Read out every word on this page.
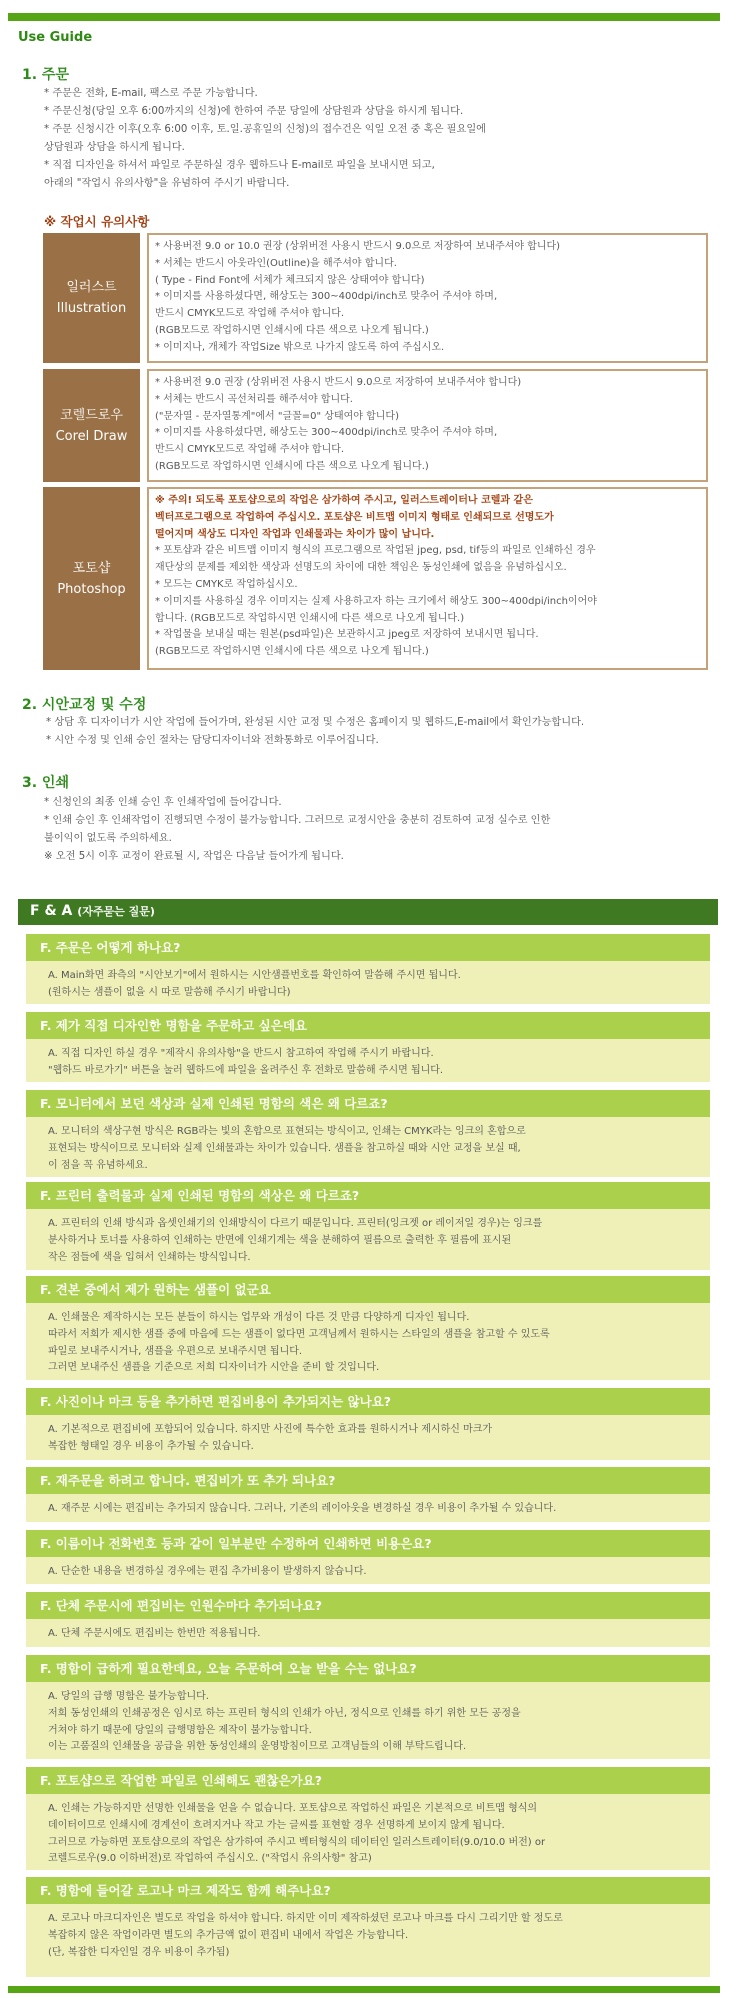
Use Guide
1. 주문
* 주문은 전화, E-mail, 팩스로 주문 가능합니다.
* 주문신청(당일 오후 6:00까지의 신청)에 한하여 주문 당일에 상담원과 상담을 하시게 됩니다.
* 주문 신청시간 이후(오후 6:00 이후, 토.일.공휴일의 신청)의 접수건은 익일 오전 중 혹은 필요일에
상담원과 상담을 하시게 됩니다.
* 직접 디자인을 하셔서 파일로 주문하실 경우 웹하드나 E-mail로 파일을 보내시면 되고,
아래의 "작업시 유의사항"을 유념하여 주시기 바랍니다.
※ 작업시 유의사항
일러스트
Illustration
* 사용버전 9.0 or 10.0 권장 (상위버전 사용시 반드시 9.0으로 저장하여 보내주셔야 합니다)
* 서체는 반드시 아웃라인(Outline)을 해주셔야 합니다.
( Type - Find Font에 서체가 체크되지 않은 상태여야 합니다)
* 이미지를 사용하셨다면, 해상도는 300~400dpi/inch로 맞추어 주셔야 하며,
반드시 CMYK모드로 작업해 주셔야 합니다.
(RGB모드로 작업하시면 인쇄시에 다른 색으로 나오게 됩니다.)
* 이미지나, 개체가 작업Size 밖으로 나가지 않도록 하여 주십시오.
코렐드로우
Corel Draw
* 사용버전 9.0 권장 (상위버전 사용시 반드시 9.0으로 저장하여 보내주셔야 합니다)
* 서체는 반드시 곡선처리를 해주셔야 합니다.
("문자열 - 문자열통계"에서 "글꼴=0" 상태여야 합니다)
* 이미지를 사용하셨다면, 해상도는 300~400dpi/inch로 맞추어 주셔야 하며,
반드시 CMYK모드로 작업해 주셔야 합니다.
(RGB모드로 작업하시면 인쇄시에 다른 색으로 나오게 됩니다.)
포토샵
Photoshop
※ 주의! 되도록 포토샵으로의 작업은 삼가하여 주시고, 일러스트레이터나 코렐과 같은
벡터프로그램으로 작업하여 주십시오. 포토샵은 비트맵 이미지 형태로 인쇄되므로 선명도가
떨어지며 색상도 디자인 작업과 인쇄물과는 차이가 많이 납니다.
* 포토샵과 같은 비트맵 이미지 형식의 프로그램으로 작업된 jpeg, psd, tif등의 파일로 인쇄하신 경우
재단상의 문제를 제외한 색상과 선명도의 차이에 대한 책임은 동성인쇄에 없음을 유념하십시오.
* 모드는 CMYK로 작업하십시오.
* 이미지를 사용하실 경우 이미지는 실제 사용하고자 하는 크기에서 해상도 300~400dpi/inch이어야
합니다. (RGB모드로 작업하시면 인쇄시에 다른 색으로 나오게 됩니다.)
* 작업물을 보내실 때는 원본(psd파일)은 보관하시고 jpeg로 저장하여 보내시면 됩니다.
(RGB모드로 작업하시면 인쇄시에 다른 색으로 나오게 됩니다.)
2. 시안교정 및 수정
* 상담 후 디자이너가 시안 작업에 들어가며, 완성된 시안 교정 및 수정은 홈페이지 및 웹하드,E-mail에서 확인가능합니다.
* 시안 수정 및 인쇄 승인 절차는 담당디자이너와 전화통화로 이루어집니다.
3. 인쇄
* 신청인의 최종 인쇄 승인 후 인쇄작업에 들어갑니다.
* 인쇄 승인 후 인쇄작업이 진행되면 수정이 불가능합니다. 그러므로 교정시안을 충분히 검토하여 교정 실수로 인한
불이익이 없도록 주의하세요.
※ 오전 5시 이후 교정이 완료될 시, 작업은 다음날 들어가게 됩니다.
F & A (자주묻는 질문)
F. 주문은 어떻게 하나요?
A. Main화면 좌측의 "시안보기"에서 원하시는 시안샘플번호를 확인하여 말씀해 주시면 됩니다.
(원하시는 샘플이 없을 시 따로 말씀해 주시기 바랍니다)
F. 제가 직접 디자인한 명함을 주문하고 싶은데요
A. 직접 디자인 하실 경우 "제작시 유의사항"을 반드시 참고하여 작업해 주시기 바랍니다.
"웹하드 바로가기" 버튼을 눌러 웹하드에 파일을 올려주신 후 전화로 말씀해 주시면 됩니다.
F. 모니터에서 보던 색상과 실제 인쇄된 명함의 색은 왜 다르죠?
A. 모니터의 색상구현 방식은 RGB라는 빛의 혼합으로 표현되는 방식이고, 인쇄는 CMYK라는 잉크의 혼합으로
표현되는 방식이므로 모니터와 실제 인쇄물과는 차이가 있습니다. 샘플을 참고하실 때와 시안 교정을 보실 때,
이 점을 꼭 유념하세요.
F. 프린터 출력물과 실제 인쇄된 명함의 색상은 왜 다르죠?
A. 프린터의 인쇄 방식과 옵셋인쇄기의 인쇄방식이 다르기 때문입니다. 프린터(잉크젯 or 레이저일 경우)는 잉크를
분사하거나 토너를 사용하여 인쇄하는 반면에 인쇄기계는 색을 분해하여 필름으로 출력한 후 필름에 표시된
작은 점들에 색을 입혀서 인쇄하는 방식입니다.
F. 견본 중에서 제가 원하는 샘플이 없군요
A. 인쇄물은 제작하시는 모든 분들이 하시는 업무와 개성이 다른 것 만큼 다양하게 디자인 됩니다.
따라서 저희가 제시한 샘플 중에 마음에 드는 샘플이 없다면 고객님께서 원하시는 스타일의 샘플을 참고할 수 있도록
파일로 보내주시거나, 샘플을 우편으로 보내주시면 됩니다.
그러면 보내주신 샘플을 기준으로 저희 디자이너가 시안을 준비 할 것입니다.
F. 사진이나 마크 등을 추가하면 편집비용이 추가되지는 않나요?
A. 기본적으로 편집비에 포함되어 있습니다. 하지만 사진에 특수한 효과를 원하시거나 제시하신 마크가
복잡한 형태일 경우 비용이 추가될 수 있습니다.
F. 재주문을 하려고 합니다. 편집비가 또 추가 되나요?
A. 재주문 시에는 편집비는 추가되지 않습니다. 그러나, 기존의 레이아웃을 변경하실 경우 비용이 추가될 수 있습니다.
F. 이름이나 전화번호 등과 같이 일부분만 수정하여 인쇄하면 비용은요?
A. 단순한 내용을 변경하실 경우에는 편집 추가비용이 발생하지 않습니다.
F. 단체 주문시에 편집비는 인원수마다 추가되나요?
A. 단체 주문시에도 편집비는 한번만 적용됩니다.
F. 명함이 급하게 필요한데요, 오늘 주문하여 오늘 받을 수는 없나요?
A. 당일의 급행 명함은 불가능합니다.
저희 동성인쇄의 인쇄공정은 임시로 하는 프린터 형식의 인쇄가 아닌, 정식으로 인쇄를 하기 위한 모든 공정을
거쳐야 하기 때문에 당일의 급행명함은 제작이 불가능합니다.
이는 고품질의 인쇄물을 공급을 위한 동성인쇄의 운영방침이므로 고객님들의 이해 부탁드립니다.
F. 포토샵으로 작업한 파일로 인쇄해도 괜찮은가요?
A. 인쇄는 가능하지만 선명한 인쇄물을 얻을 수 없습니다. 포토샵으로 작업하신 파일은 기본적으로 비트맵 형식의
데이터이므로 인쇄시에 경계선이 흐려지거나 작고 가는 글씨를 표현할 경우 선명하게 보이지 않게 됩니다.
그러므로 가능하면 포토샵으로의 작업은 삼가하여 주시고 벡터형식의 데이터인 일러스트레이터(9.0/10.0 버전) or
코렐드로우(9.0 이하버전)로 작업하여 주십시오. ("작업시 유의사항" 참고)
F. 명함에 들어갈 로고나 마크 제작도 함께 해주나요?
A. 로고나 마크디자인은 별도로 작업을 하셔야 합니다. 하지만 이미 제작하셨던 로고나 마크를 다시 그리기만 할 정도로
복잡하지 않은 작업이라면 별도의 추가금액 없이 편집비 내에서 작업은 가능합니다.
(단, 복잡한 디자인일 경우 비용이 추가됨)
